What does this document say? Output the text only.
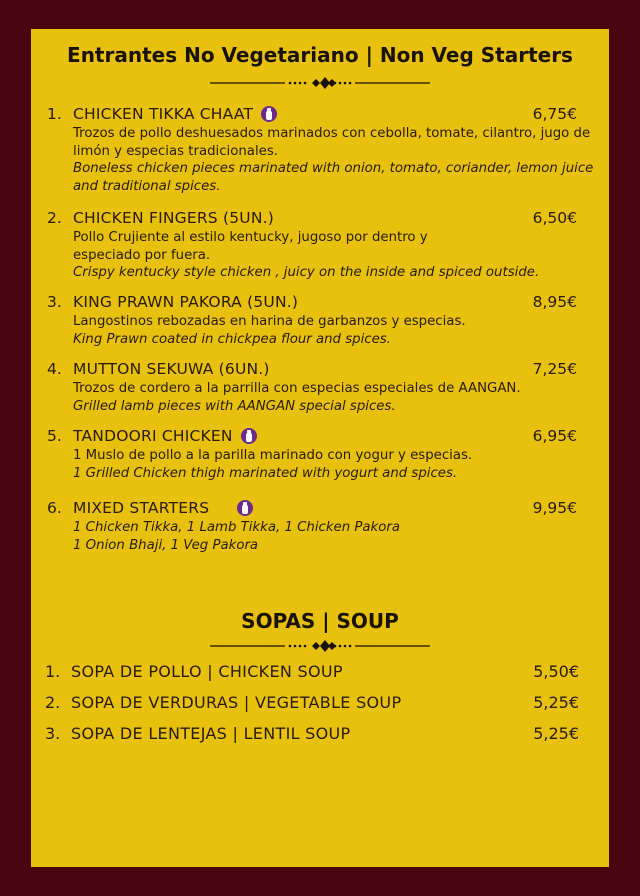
Entrantes No Vegetariano | Non Veg Starters
1. CHICKEN TIKKA CHAAT	6,75€
Trozos de pollo deshuesados marinados con cebolla, tomate, cilantro, jugo de limón y especias tradicionales.
Boneless chicken pieces marinated with onion, tomato, coriander, lemon juice and traditional spices.
2. CHICKEN FINGERS (5UN.)	6,50€
Pollo Crujiente al estilo kentucky, jugoso por dentro y especiado por fuera.
Crispy kentucky style chicken , juicy on the inside and spiced outside.
3. KING PRAWN PAKORA (5UN.)	8,95€
Langostinos rebozadas en harina de garbanzos y especias.
King Prawn coated in chickpea flour and spices.
4. MUTTON SEKUWA (6UN.)	7,25€
Trozos de cordero a la parrilla con especias especiales de AANGAN.
Grilled lamb pieces with AANGAN special spices.
5. TANDOORI CHICKEN	6,95€
1 Muslo de pollo a la parilla marinado con yogur y especias.
1 Grilled Chicken thigh marinated with yogurt and spices.
6. MIXED STARTERS	9,95€
1 Chicken Tikka, 1 Lamb Tikka, 1 Chicken Pakora
1 Onion Bhaji, 1 Veg Pakora
SOPAS | SOUP
1. SOPA DE POLLO | CHICKEN SOUP	5,50€
2. SOPA DE VERDURAS | VEGETABLE SOUP	5,25€
3. SOPA DE LENTEJAS | LENTIL SOUP	5,25€
